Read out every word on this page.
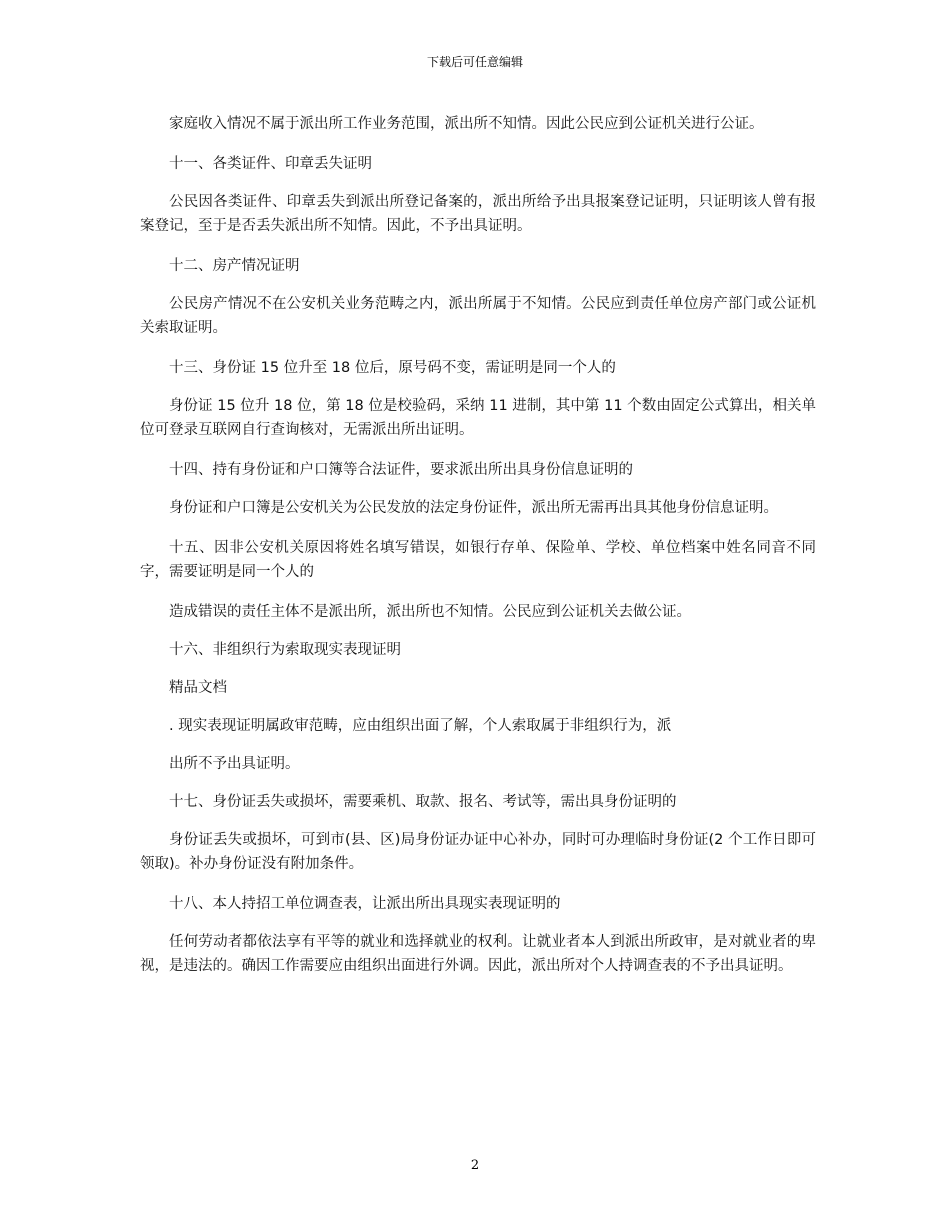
下载后可任意编辑

家庭收入情况不属于派出所工作业务范围，派出所不知情。因此公民应到公证机关进行公证。

十一、各类证件、印章丢失证明

公民因各类证件、印章丢失到派出所登记备案的，派出所给予出具报案登记证明，只证明该人曾有报案登记，至于是否丢失派出所不知情。因此，不予出具证明。

十二、房产情况证明

公民房产情况不在公安机关业务范畴之内，派出所属于不知情。公民应到责任单位房产部门或公证机关索取证明。

十三、身份证 15 位升至 18 位后，原号码不变，需证明是同一个人的

身份证 15 位升 18 位，第 18 位是校验码，采纳 11 进制，其中第 11 个数由固定公式算出，相关单位可登录互联网自行查询核对，无需派出所出证明。

十四、持有身份证和户口簿等合法证件，要求派出所出具身份信息证明的

身份证和户口簿是公安机关为公民发放的法定身份证件，派出所无需再出具其他身份信息证明。

十五、因非公安机关原因将姓名填写错误，如银行存单、保险单、学校、单位档案中姓名同音不同字，需要证明是同一个人的

造成错误的责任主体不是派出所，派出所也不知情。公民应到公证机关去做公证。

十六、非组织行为索取现实表现证明

精品文档

. 现实表现证明属政审范畴，应由组织出面了解，个人索取属于非组织行为，派

出所不予出具证明。

十七、身份证丢失或损坏，需要乘机、取款、报名、考试等，需出具身份证明的

身份证丢失或损坏，可到市(县、区)局身份证办证中心补办，同时可办理临时身份证(2 个工作日即可领取)。补办身份证没有附加条件。

十八、本人持招工单位调查表，让派出所出具现实表现证明的

任何劳动者都依法享有平等的就业和选择就业的权利。让就业者本人到派出所政审，是对就业者的卑视，是违法的。确因工作需要应由组织出面进行外调。因此，派出所对个人持调查表的不予出具证明。

2
